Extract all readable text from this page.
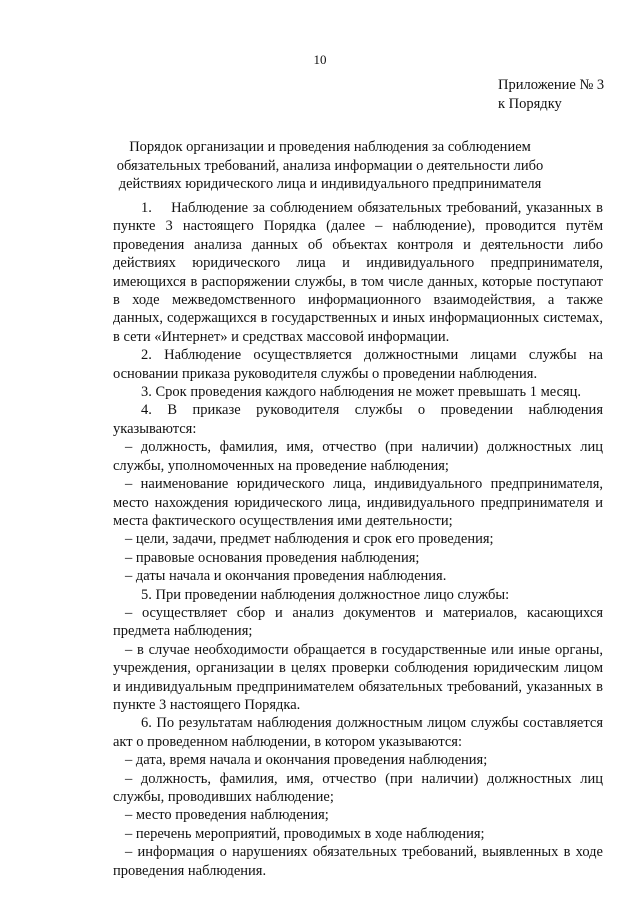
10
Приложение № 3
к Порядку
Порядок организации и проведения наблюдения за соблюдением обязательных требований, анализа информации о деятельности либо действиях юридического лица и индивидуального предпринимателя

1.    Наблюдение за соблюдением обязательных требований, указанных в пункте 3 настоящего Порядка (далее – наблюдение), проводится путём проведения анализа данных об объектах контроля и деятельности либо действиях юридического лица и индивидуального предпринимателя, имеющихся в распоряжении службы, в том числе данных, которые поступают в ходе межведомственного информационного взаимодействия, а также данных, содержащихся в государственных и иных информационных системах, в сети «Интернет» и средствах массовой информации.

2. Наблюдение осуществляется должностными лицами службы на основании приказа руководителя службы о проведении наблюдения.

3. Срок проведения каждого наблюдения не может превышать 1 месяц.

4. В приказе руководителя службы о проведении наблюдения указываются:

– должность, фамилия, имя, отчество (при наличии) должностных лиц службы, уполномоченных на проведение наблюдения;

– наименование юридического лица, индивидуального предпринимателя, место нахождения юридического лица, индивидуального предпринимателя и места фактического осуществления ими деятельности;

– цели, задачи, предмет наблюдения и срок его проведения;

– правовые основания проведения наблюдения;

– даты начала и окончания проведения наблюдения.

5. При проведении наблюдения должностное лицо службы:

– осуществляет сбор и анализ документов и материалов, касающихся предмета наблюдения;

– в случае необходимости обращается в государственные или иные органы, учреждения, организации в целях проверки соблюдения юридическим лицом и индивидуальным предпринимателем обязательных требований, указанных в пункте 3 настоящего Порядка.

6. По результатам наблюдения должностным лицом службы составляется акт о проведенном наблюдении, в котором указываются:

– дата, время начала и окончания проведения наблюдения;

– должность, фамилия, имя, отчество (при наличии) должностных лиц службы, проводивших наблюдение;

– место проведения наблюдения;

– перечень мероприятий, проводимых в ходе наблюдения;

– информация о нарушениях обязательных требований, выявленных в ходе проведения наблюдения.
